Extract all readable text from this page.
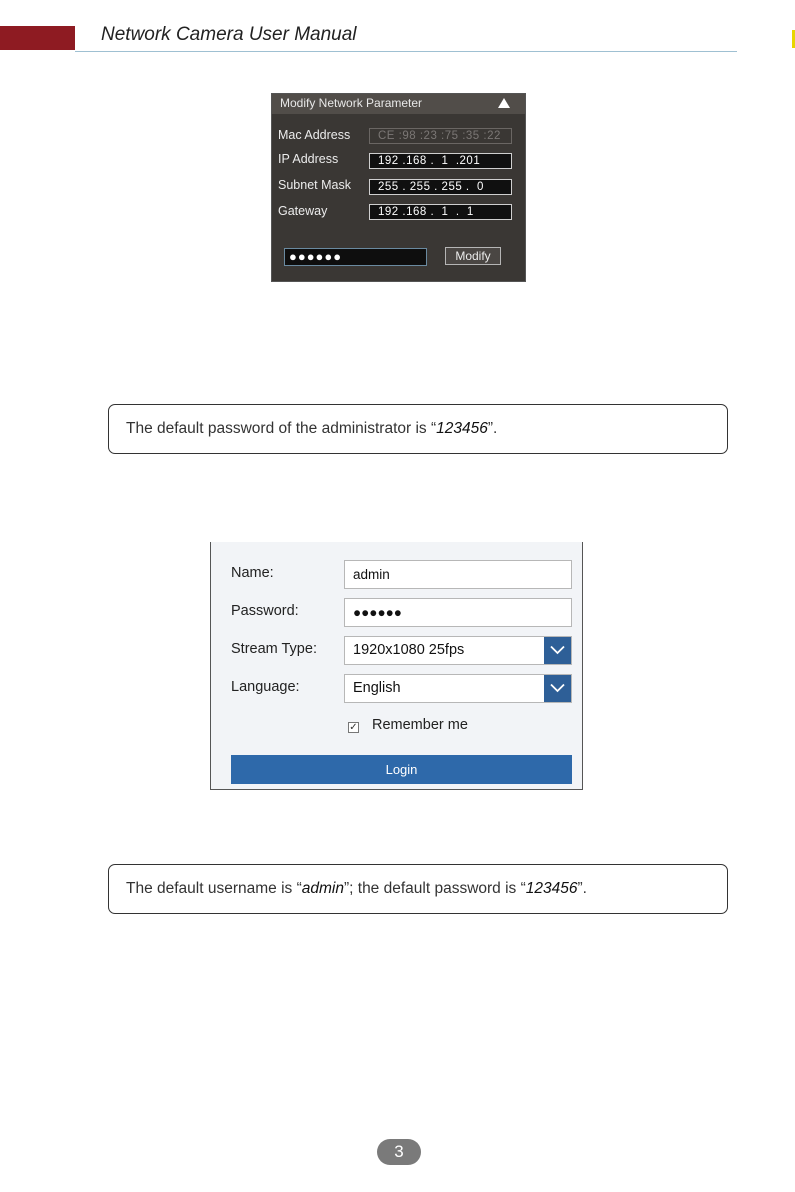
Network Camera User Manual
Modify Network Parameter
Mac Address	CE :98 :23 :75 :35 :22
IP Address	192 .168 .  1  .201
Subnet Mask	255 . 255 . 255 .  0
Gateway	192 .168 .  1  .  1
●●●●●●	Modify
The default password of the administrator is “123456”.
Name:	admin
Password:	●●●●●●
Stream Type: 1920x1080 25fps
Language:	English
✓ Remember me
Login
The default username is “admin”; the default password is “123456”.
3
